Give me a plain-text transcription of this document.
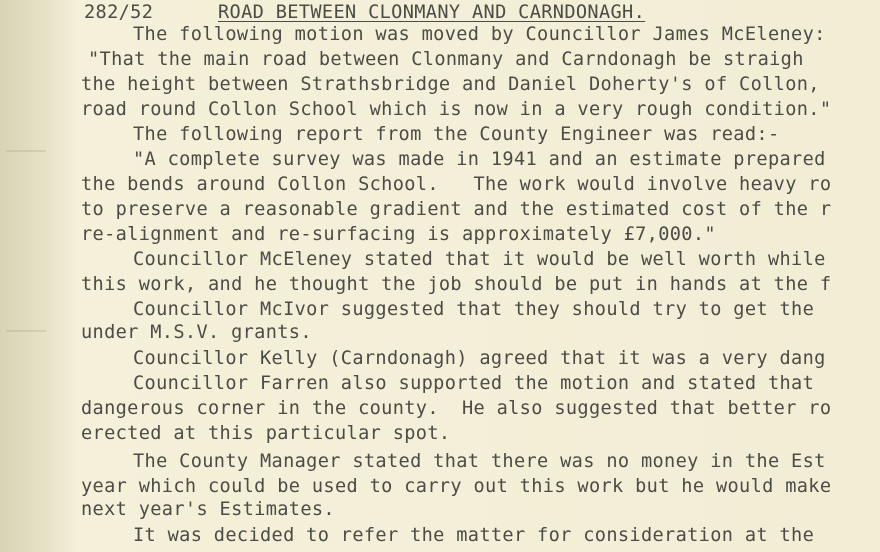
282/52	ROAD BETWEEN CLONMANY AND CARNDONAGH.
The following motion was moved by Councillor James McEleney:
"That the main road between Clonmany and Carndonagh be straigh
the height between Strathsbridge and Daniel Doherty's of Collon,
road round Collon School which is now in a very rough condition."
The following report from the County Engineer was read:-
"A complete survey was made in 1941 and an estimate prepared
the bends around Collon School.   The work would involve heavy ro
to preserve a reasonable gradient and the estimated cost of the r
re-alignment and re-surfacing is approximately £7,000."
Councillor McEleney stated that it would be well worth while
this work, and he thought the job should be put in hands at the f
Councillor McIvor suggested that they should try to get the
under M.S.V. grants.
Councillor Kelly (Carndonagh) agreed that it was a very dang
Councillor Farren also supported the motion and stated that
dangerous corner in the county.  He also suggested that better ro
erected at this particular spot.
The County Manager stated that there was no money in the Est
year which could be used to carry out this work but he would make
next year's Estimates.
It was decided to refer the matter for consideration at the
